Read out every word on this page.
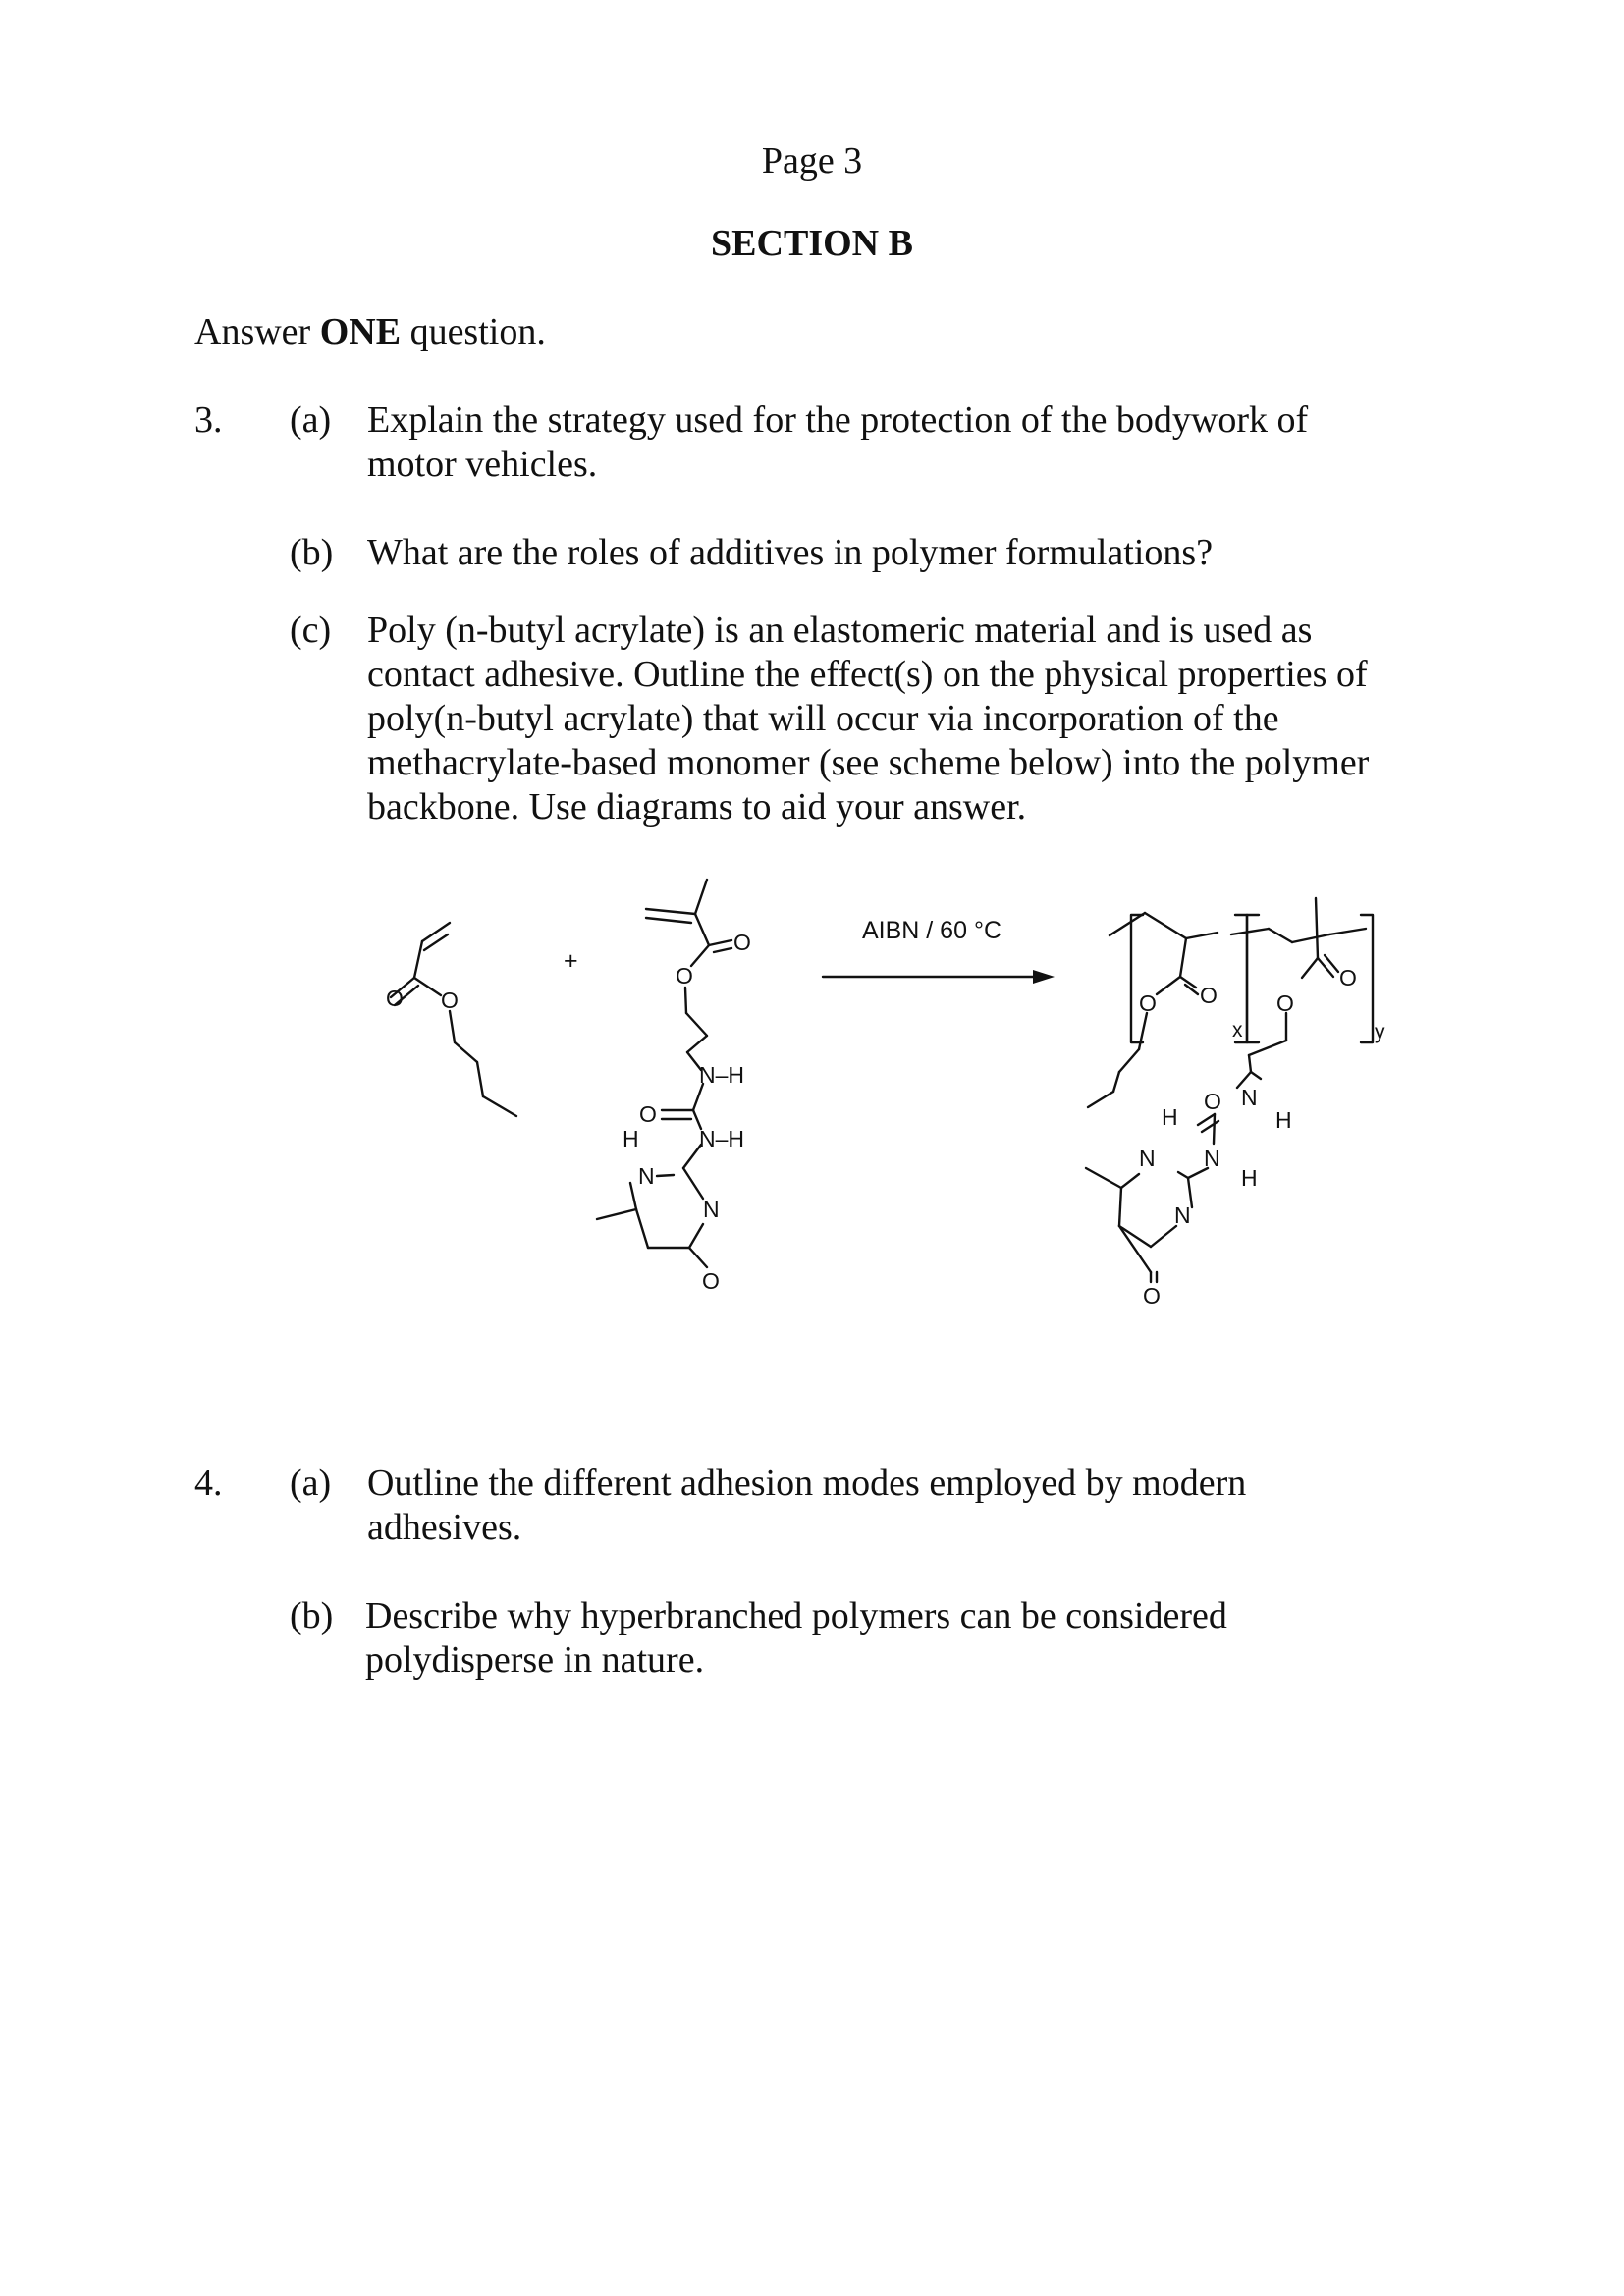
Page 3
SECTION B
Answer ONE question.
3. (a) Explain the strategy used for the protection of the bodywork of
motor vehicles.
(b) What are the roles of additives in polymer formulations?
(c) Poly (n-butyl acrylate) is an elastomeric material and is used as
contact adhesive. Outline the effect(s) on the physical properties of
poly(n-butyl acrylate) that will occur via incorporation of the
methacrylate-based monomer (see scheme below) into the polymer
backbone. Use diagrams to aid your answer.
O O
+
O
O
N–H
O
N–H
H
N
N
O
AIBN / 60 °C
O O	O
O
x	y
N
H
O
H
N N
H
N
O
4. (a) Outline the different adhesion modes employed by modern
adhesives.
(b) Describe why hyperbranched polymers can be considered
polydisperse in nature.
